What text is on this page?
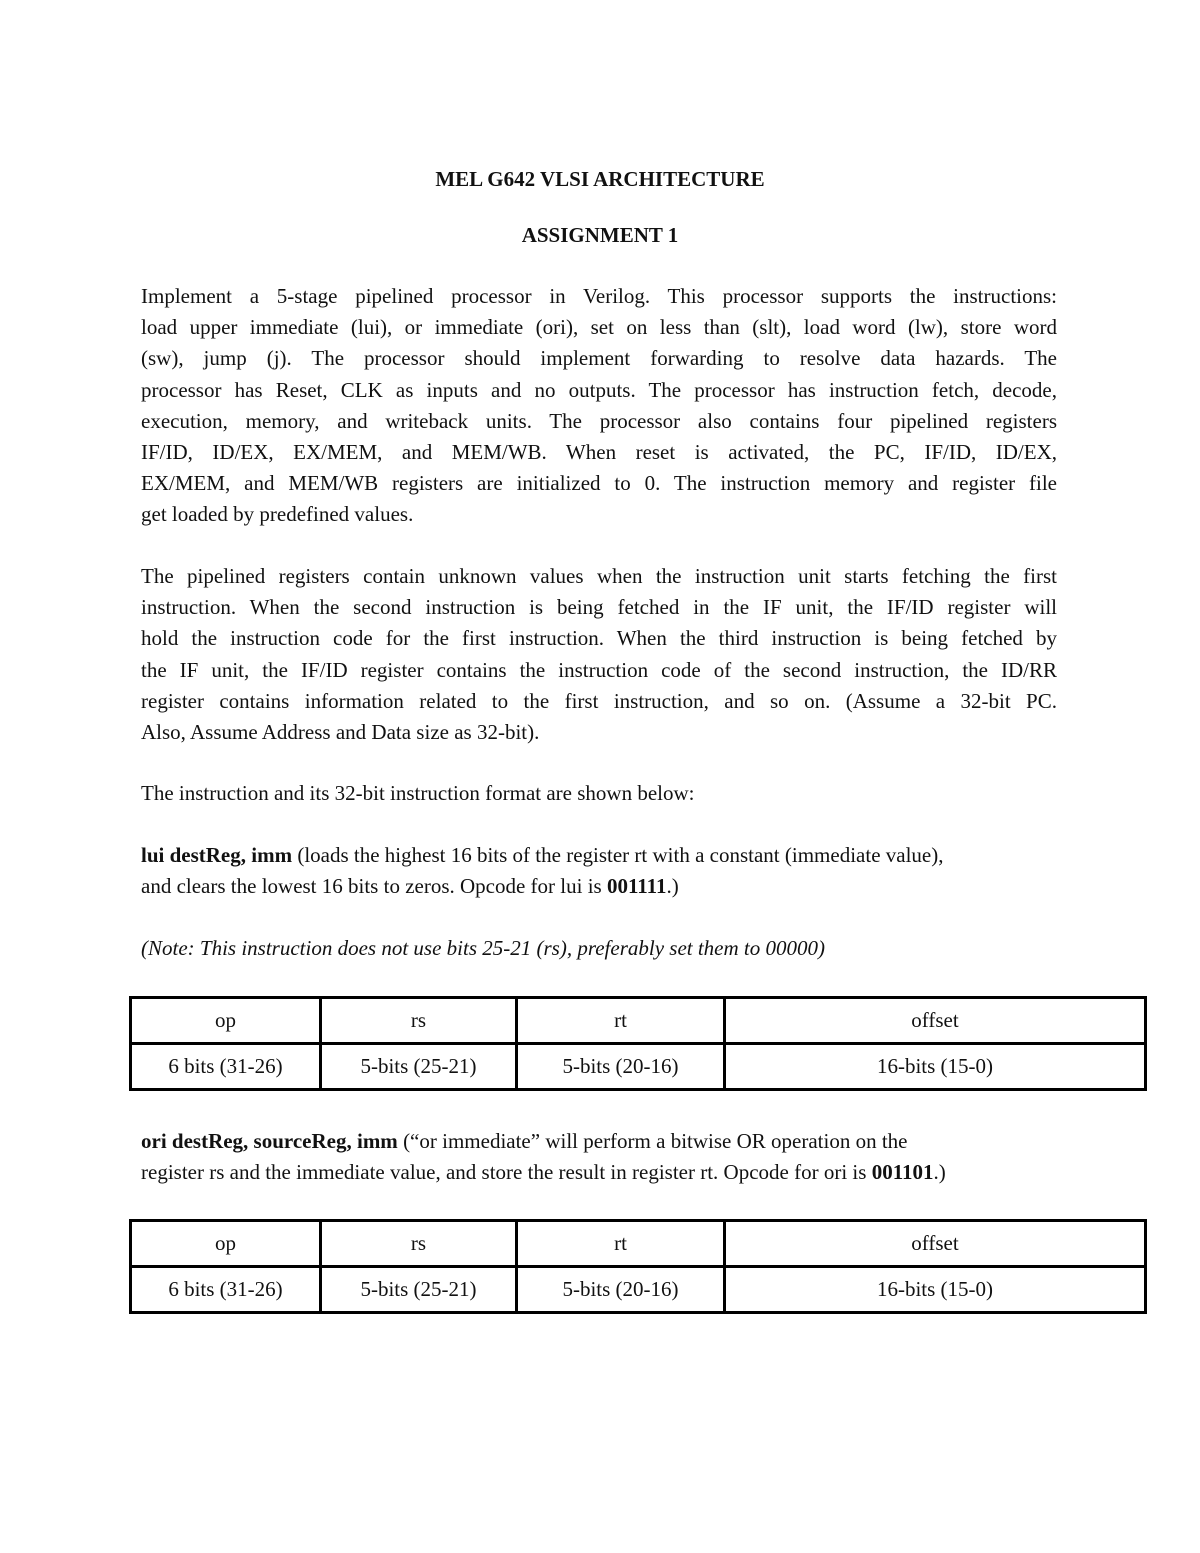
MEL G642 VLSI ARCHITECTURE
ASSIGNMENT 1
Implement a 5-stage pipelined processor in Verilog. This processor supports the instructions:
load upper immediate (lui), or immediate (ori), set on less than (slt), load word (lw), store word
(sw), jump (j). The processor should implement forwarding to resolve data hazards. The
processor has Reset, CLK as inputs and no outputs. The processor has instruction fetch, decode,
execution, memory, and writeback units. The processor also contains four pipelined registers
IF/ID, ID/EX, EX/MEM, and MEM/WB. When reset is activated, the PC, IF/ID, ID/EX,
EX/MEM, and MEM/WB registers are initialized to 0. The instruction memory and register file
get loaded by predefined values.
The pipelined registers contain unknown values when the instruction unit starts fetching the first
instruction. When the second instruction is being fetched in the IF unit, the IF/ID register will
hold the instruction code for the first instruction. When the third instruction is being fetched by
the IF unit, the IF/ID register contains the instruction code of the second instruction, the ID/RR
register contains information related to the first instruction, and so on. (Assume a 32-bit PC.
Also, Assume Address and Data size as 32-bit).
The instruction and its 32-bit instruction format are shown below:
lui destReg, imm (loads the highest 16 bits of the register rt with a constant (immediate value),
and clears the lowest 16 bits to zeros. Opcode for lui is 001111.)
(Note: This instruction does not use bits 25-21 (rs), preferably set them to 00000)
op	rs	rt	offset
6 bits (31-26)	5-bits (25-21)	5-bits (20-16)	16-bits (15-0)
ori destReg, sourceReg, imm (“or immediate” will perform a bitwise OR operation on the
register rs and the immediate value, and store the result in register rt. Opcode for ori is 001101.)
op	rs	rt	offset
6 bits (31-26)	5-bits (25-21)	5-bits (20-16)	16-bits (15-0)
